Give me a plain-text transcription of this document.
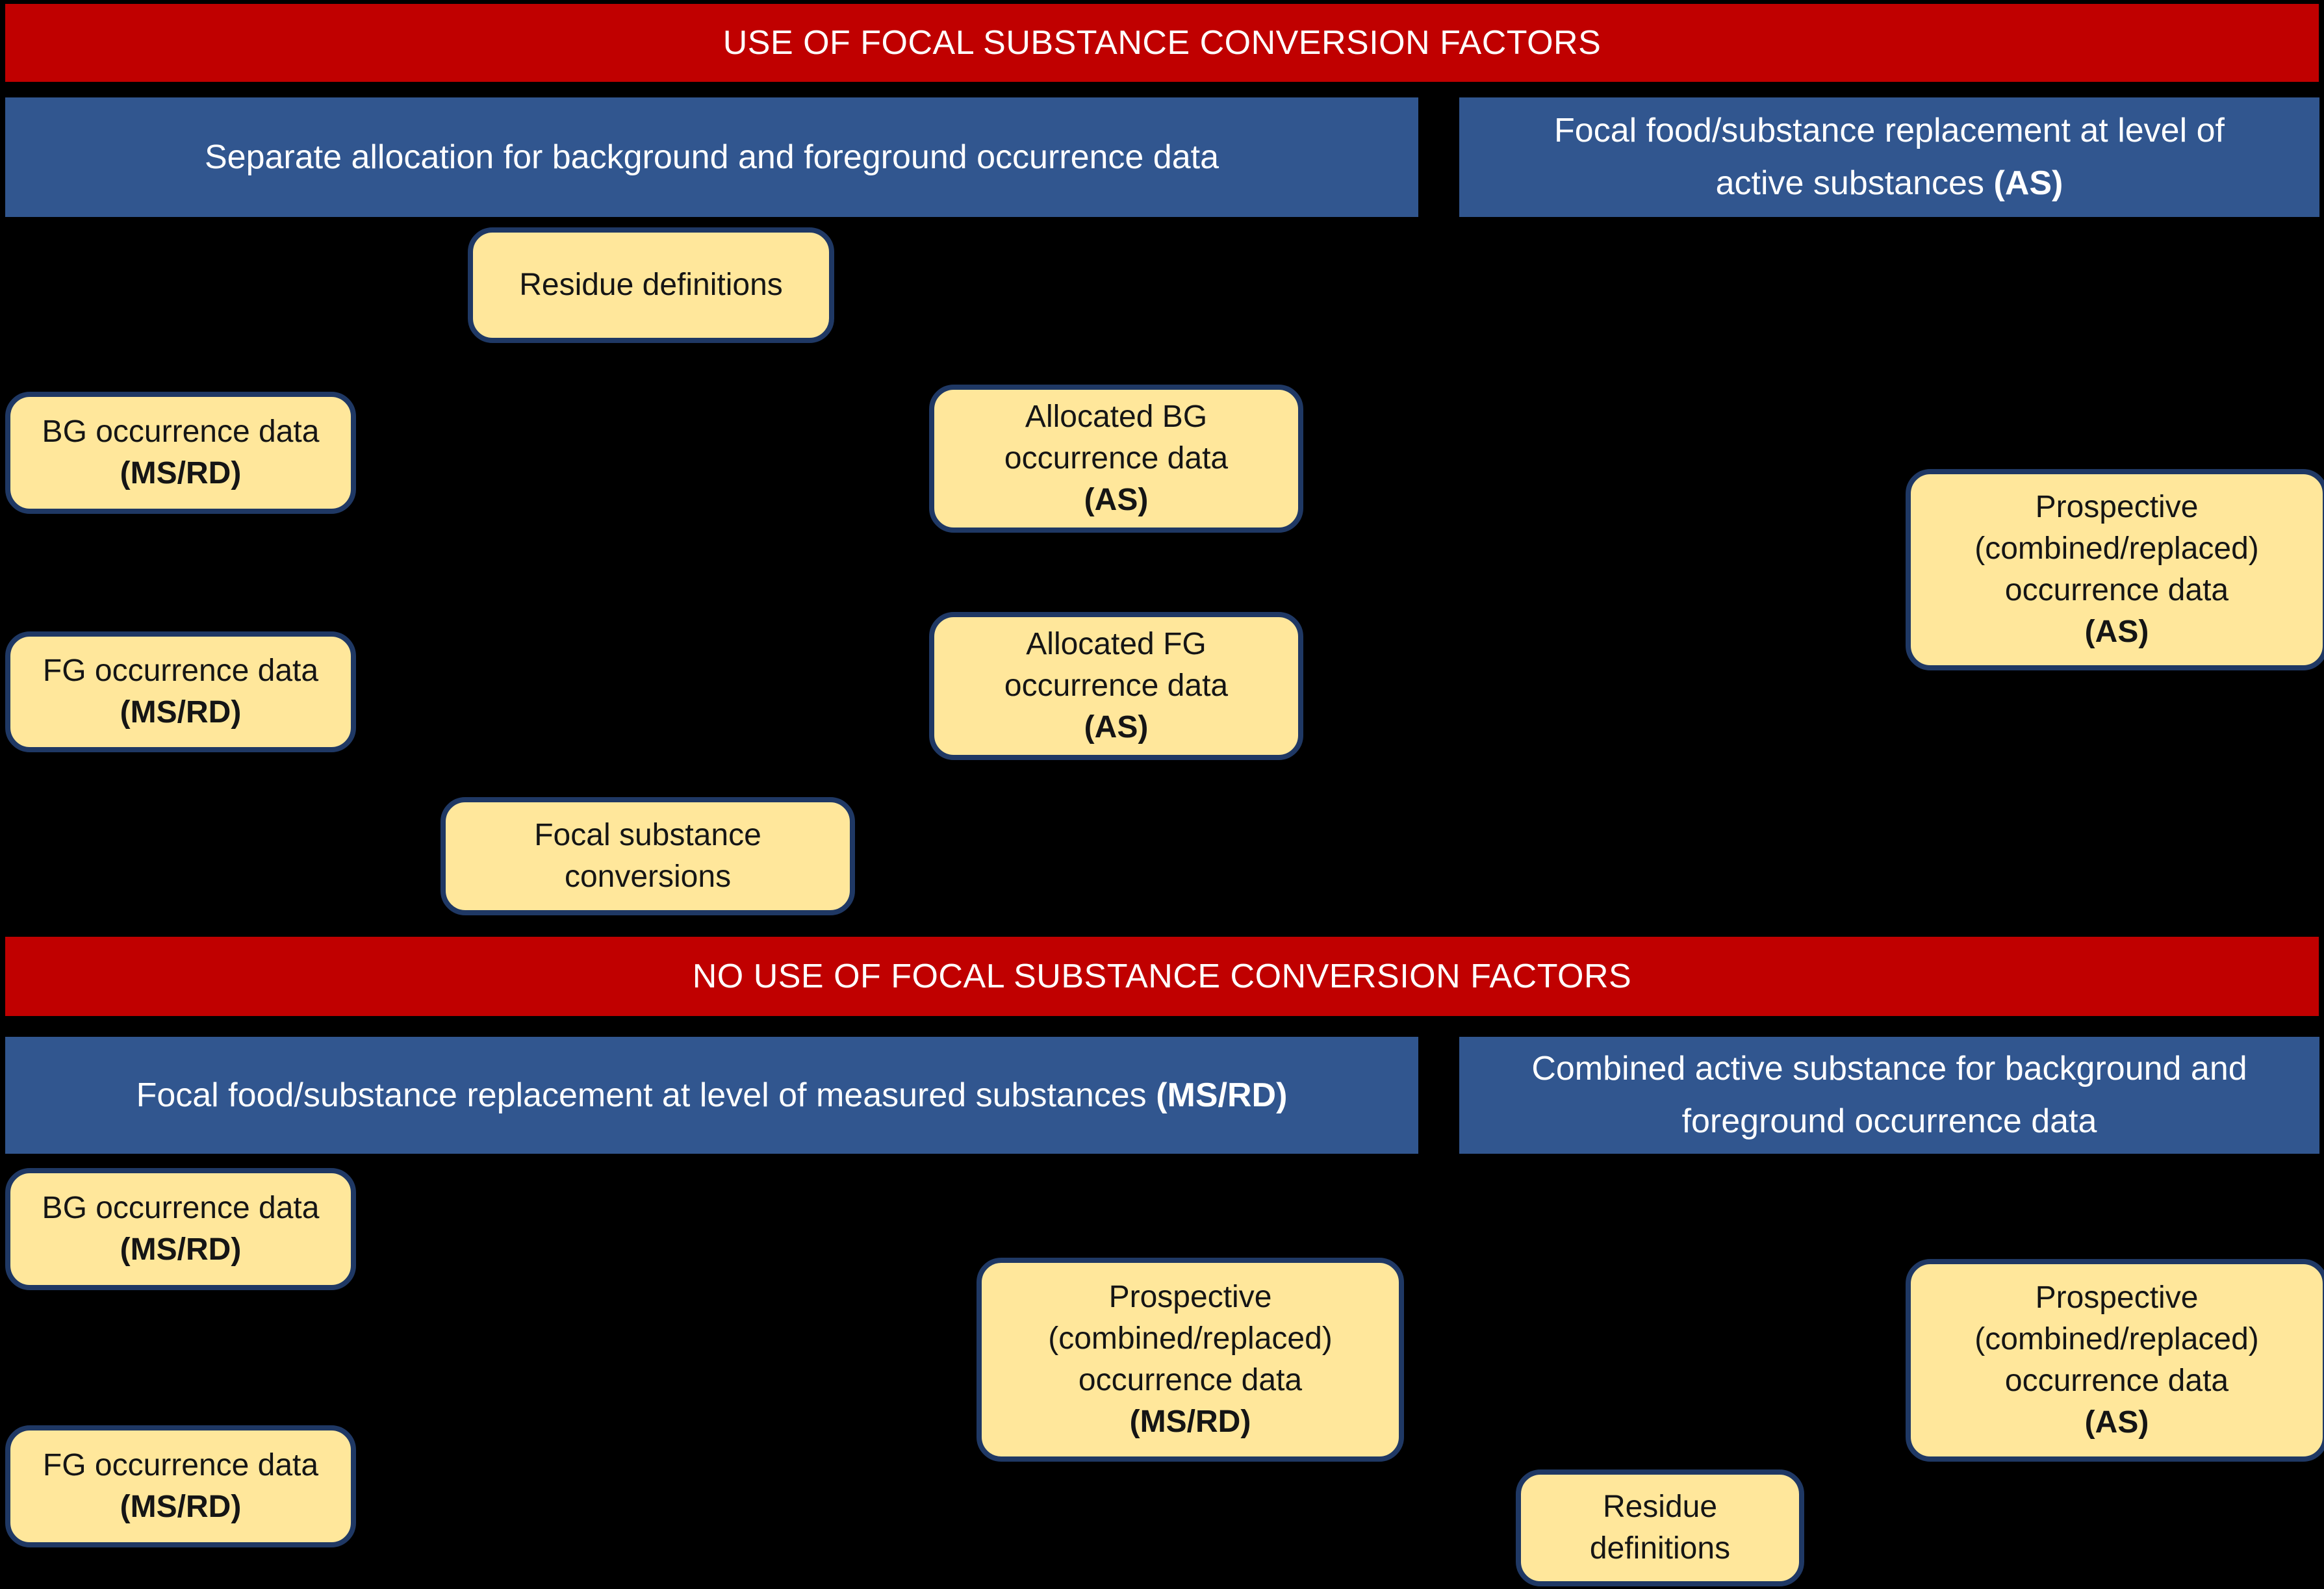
USE OF FOCAL SUBSTANCE CONVERSION FACTORS
Separate allocation for background and foreground occurrence data
Focal food/substance replacement at level of
active substances (AS)
Residue definitions
BG occurrence data
(MS/RD)
Allocated BG
occurrence data
(AS)	Prospective
(combined/replaced)
occurrence data
(AS)
FG occurrence data
(MS/RD)
Allocated FG
occurrence data
(AS)
Focal substance
conversions
NO USE OF FOCAL SUBSTANCE CONVERSION FACTORS
Focal food/substance replacement at level of measured substances (MS/RD)
Combined active substance for background and
foreground occurrence data
BG occurrence data
(MS/RD)
Prospective
(combined/replaced)
occurrence data
(MS/RD)
Prospective
(combined/replaced)
occurrence data
(AS)
FG occurrence data
(MS/RD)	Residue
definitions
